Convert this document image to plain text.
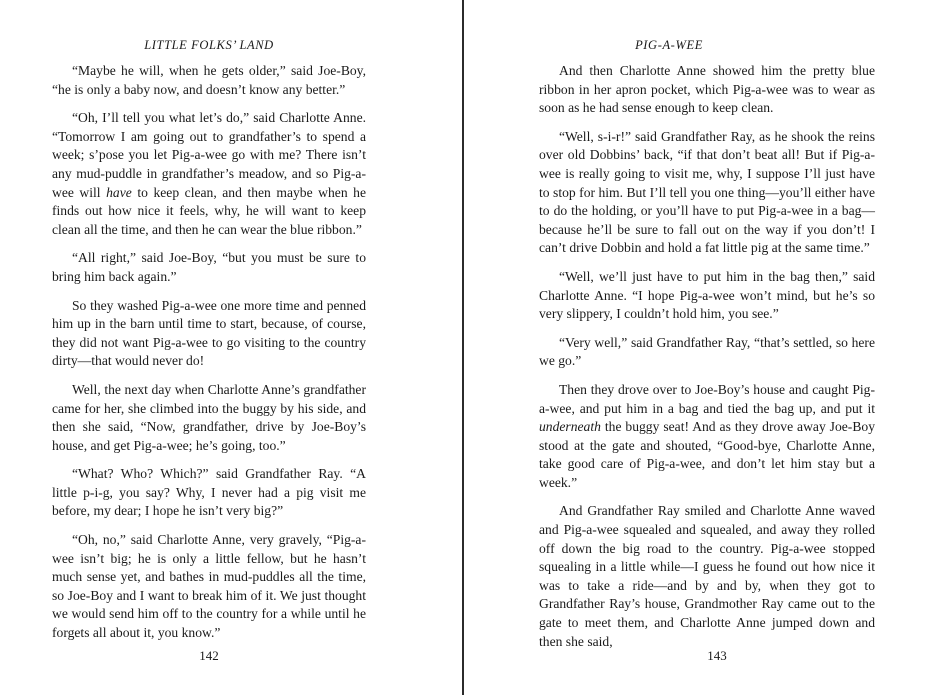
LITTLE FOLKS’ LAND

“Maybe he will, when he gets older,” said Joe-Boy, “he is only a baby now, and doesn’t know any better.”

“Oh, I’ll tell you what let’s do,” said Charlotte Anne. “Tomorrow I am going out to grandfather’s to spend a week; s’pose you let Pig-a-wee go with me? There isn’t any mud-puddle in grandfather’s meadow, and so Pig-a-wee will have to keep clean, and then maybe when he finds out how nice it feels, why, he will want to keep clean all the time, and then he can wear the blue ribbon.”

“All right,” said Joe-Boy, “but you must be sure to bring him back again.”

So they washed Pig-a-wee one more time and penned him up in the barn until time to start, because, of course, they did not want Pig-a-wee to go visiting to the country dirty—that would never do!

Well, the next day when Charlotte Anne’s grandfather came for her, she climbed into the buggy by his side, and then she said, “Now, grandfather, drive by Joe-Boy’s house, and get Pig-a-wee; he’s going, too.”

“What? Who? Which?” said Grandfather Ray. “A little p-i-g, you say? Why, I never had a pig visit me before, my dear; I hope he isn’t very big?”

“Oh, no,” said Charlotte Anne, very gravely, “Pig-a-wee isn’t big; he is only a little fellow, but he hasn’t much sense yet, and bathes in mud-puddles all the time, so Joe-Boy and I want to break him of it. We just thought we would send him off to the country for a while until he forgets all about it, you know.”

142
PIG-A-WEE

And then Charlotte Anne showed him the pretty blue ribbon in her apron pocket, which Pig-a-wee was to wear as soon as he had sense enough to keep clean.

“Well, s-i-r!” said Grandfather Ray, as he shook the reins over old Dobbins’ back, “if that don’t beat all! But if Pig-a-wee is really going to visit me, why, I suppose I’ll just have to stop for him. But I’ll tell you one thing—you’ll either have to do the holding, or you’ll have to put Pig-a-wee in a bag—because he’ll be sure to fall out on the way if you don’t! I can’t drive Dobbin and hold a fat little pig at the same time.”

“Well, we’ll just have to put him in the bag then,” said Charlotte Anne. “I hope Pig-a-wee won’t mind, but he’s so very slippery, I couldn’t hold him, you see.”

“Very well,” said Grandfather Ray, “that’s settled, so here we go.”

Then they drove over to Joe-Boy’s house and caught Pig-a-wee, and put him in a bag and tied the bag up, and put it underneath the buggy seat! And as they drove away Joe-Boy stood at the gate and shouted, “Good-bye, Charlotte Anne, take good care of Pig-a-wee, and don’t let him stay but a week.”

And Grandfather Ray smiled and Charlotte Anne waved and Pig-a-wee squealed and squealed, and away they rolled off down the big road to the country. Pig-a-wee stopped squealing in a little while—I guess he found out how nice it was to take a ride—and by and by, when they got to Grandfather Ray’s house, Grandmother Ray came out to the gate to meet them, and Charlotte Anne jumped down and then she said,

143
